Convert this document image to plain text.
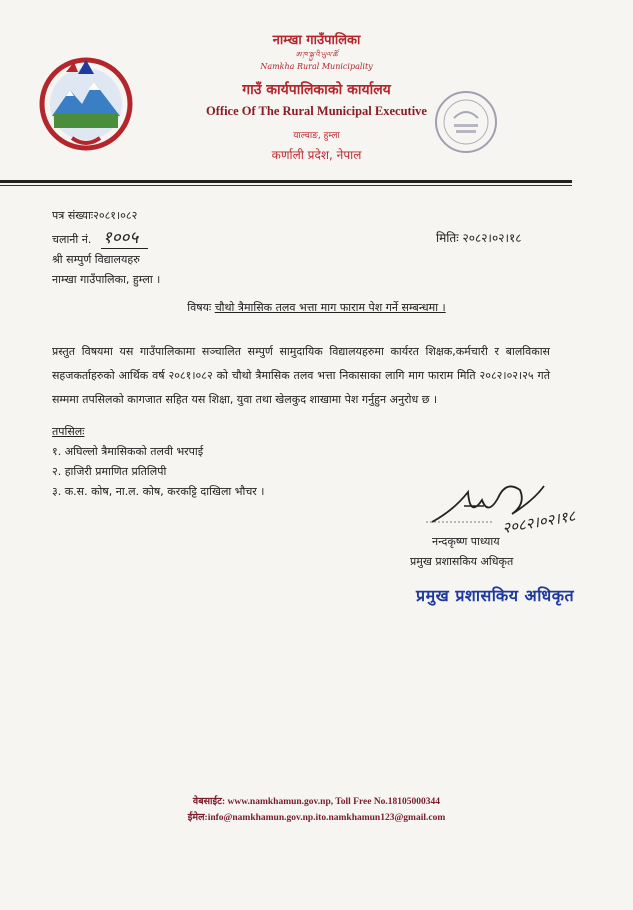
नाम्खा गाउँपालिका
ཨ་ཁ་སྐྱ་འི་ཡུལ་ཚོ
Namkha Rural Municipality
गाउँ कार्यपालिकाको कार्यालय
Office Of The Rural Municipal Executive
याल्वाङ, हुम्ला
कर्णाली प्रदेश, नेपाल
पत्र संख्याः२०८१।०८२
चलानी नं. १००५
श्री सम्पुर्ण विद्यालयहरु
नाम्खा गाउँपालिका, हुम्ला ।
मितिः २०८२।०२।१८
विषयः चौथो त्रैमासिक तलव भत्ता माग फाराम पेश गर्ने सम्बन्धमा ।
प्रस्तुत विषयमा यस गाउँपालिकामा सञ्चालित सम्पुर्ण सामुदायिक विद्यालयहरुमा कार्यरत शिक्षक,कर्मचारी र बालविकास सहजकर्ताहरुको आर्थिक वर्ष २०८१।०८२ को चौथो त्रैमासिक तलव भत्ता निकासाका लागि माग फाराम मिति २०८२।०२।२५ गते सम्ममा तपसिलको कागजात सहित यस शिक्षा, युवा तथा खेलकुद शाखामा पेश गर्नुहुन अनुरोध छ ।
तपसिलः
१. अघिल्लो त्रैमासिकको तलवी भरपाई
२. हाजिरी प्रमाणित प्रतिलिपी
३. क.स. कोष, ना.ल. कोष, करकट्टि दाखिला भौचर ।
२०८२।०२।१८
नन्दकृष्ण पाध्याय
प्रमुख प्रशासकिय अधिकृत
प्रमुख प्रशासकिय अधिकृत
वेबसाईट: www.namkhamun.gov.np, Toll Free No.18105000344
ईमेल:info@namkhamun.gov.np.ito.namkhamun123@gmail.com
